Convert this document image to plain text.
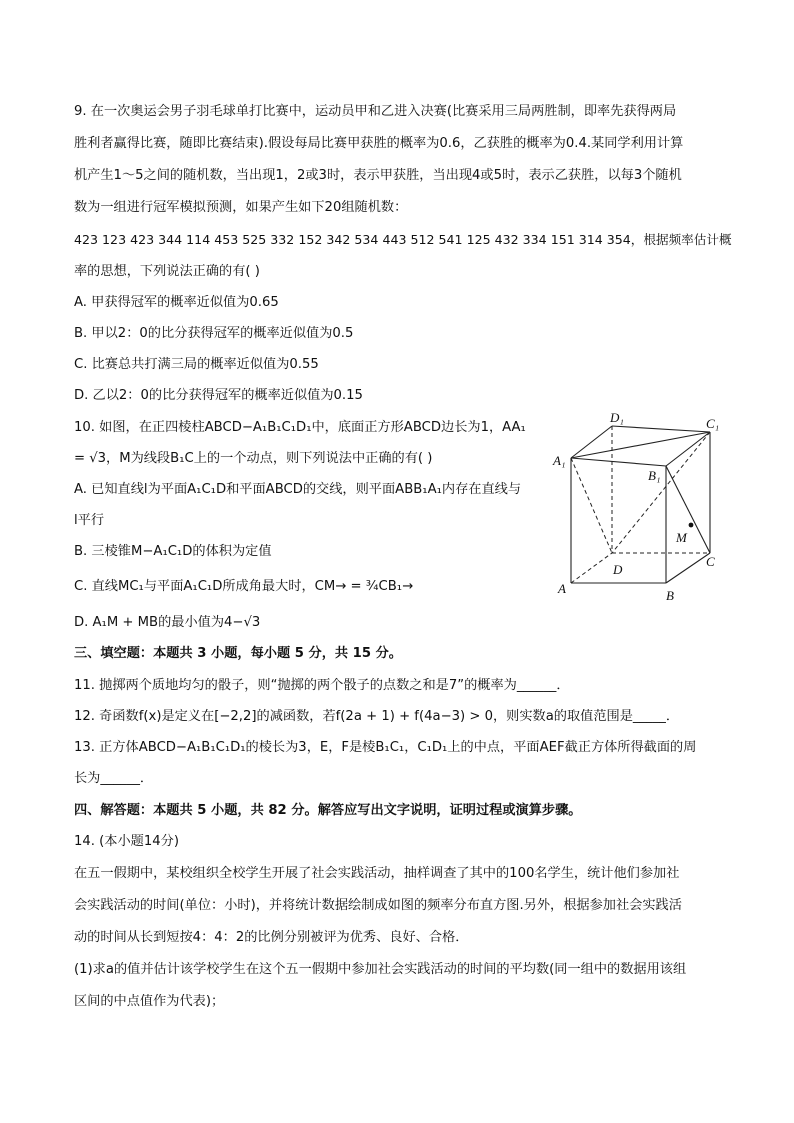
9. 在一次奥运会男子羽毛球单打比赛中，运动员甲和乙进入决赛(比赛采用三局两胜制，即率先获得两局
胜利者赢得比赛，随即比赛结束).假设每局比赛甲获胜的概率为0.6，乙获胜的概率为0.4.某同学利用计算
机产生1～5之间的随机数，当出现1，2或3时，表示甲获胜，当出现4或5时，表示乙获胜，以每3个随机
数为一组进行冠军模拟预测，如果产生如下20组随机数：
423 123 423 344 114 453 525 332 152 342 534 443 512 541 125 432 334 151 314 354，根据频率估计概
率的思想，下列说法正确的有( )
A. 甲获得冠军的概率近似值为0.65
B. 甲以2：0的比分获得冠军的概率近似值为0.5
C. 比赛总共打满三局的概率近似值为0.55
D. 乙以2：0的比分获得冠军的概率近似值为0.15
10. 如图，在正四棱柱ABCD−A₁B₁C₁D₁中，底面正方形ABCD边长为1，AA₁
= √3，M为线段B₁C上的一个动点，则下列说法中正确的有( )
A. 已知直线l为平面A₁C₁D和平面ABCD的交线，则平面ABB₁A₁内存在直线与
l平行
B. 三棱锥M−A₁C₁D的体积为定值
C. 直线MC₁与平面A₁C₁D所成角最大时，CM→ = ¾CB₁→
D. A₁M + MB的最小值为4−√3
A₁
D₁	C₁
B₁
M
D
C
A	B
三、填空题：本题共 3 小题，每小题 5 分，共 15 分。
11. 抛掷两个质地均匀的骰子，则“抛掷的两个骰子的点数之和是7”的概率为______．
12. 奇函数f(x)是定义在[−2,2]的减函数，若f(2a + 1) + f(4a−3) > 0，则实数a的取值范围是_____．
13. 正方体ABCD−A₁B₁C₁D₁的棱长为3，E，F是棱B₁C₁，C₁D₁上的中点，平面AEF截正方体所得截面的周
长为______．
四、解答题：本题共 5 小题，共 82 分。解答应写出文字说明，证明过程或演算步骤。
14. (本小题14分)
在五一假期中，某校组织全校学生开展了社会实践活动，抽样调查了其中的100名学生，统计他们参加社
会实践活动的时间(单位：小时)，并将统计数据绘制成如图的频率分布直方图.另外，根据参加社会实践活
动的时间从长到短按4：4：2的比例分别被评为优秀、良好、合格．
(1)求a的值并估计该学校学生在这个五一假期中参加社会实践活动的时间的平均数(同一组中的数据用该组
区间的中点值作为代表)；
